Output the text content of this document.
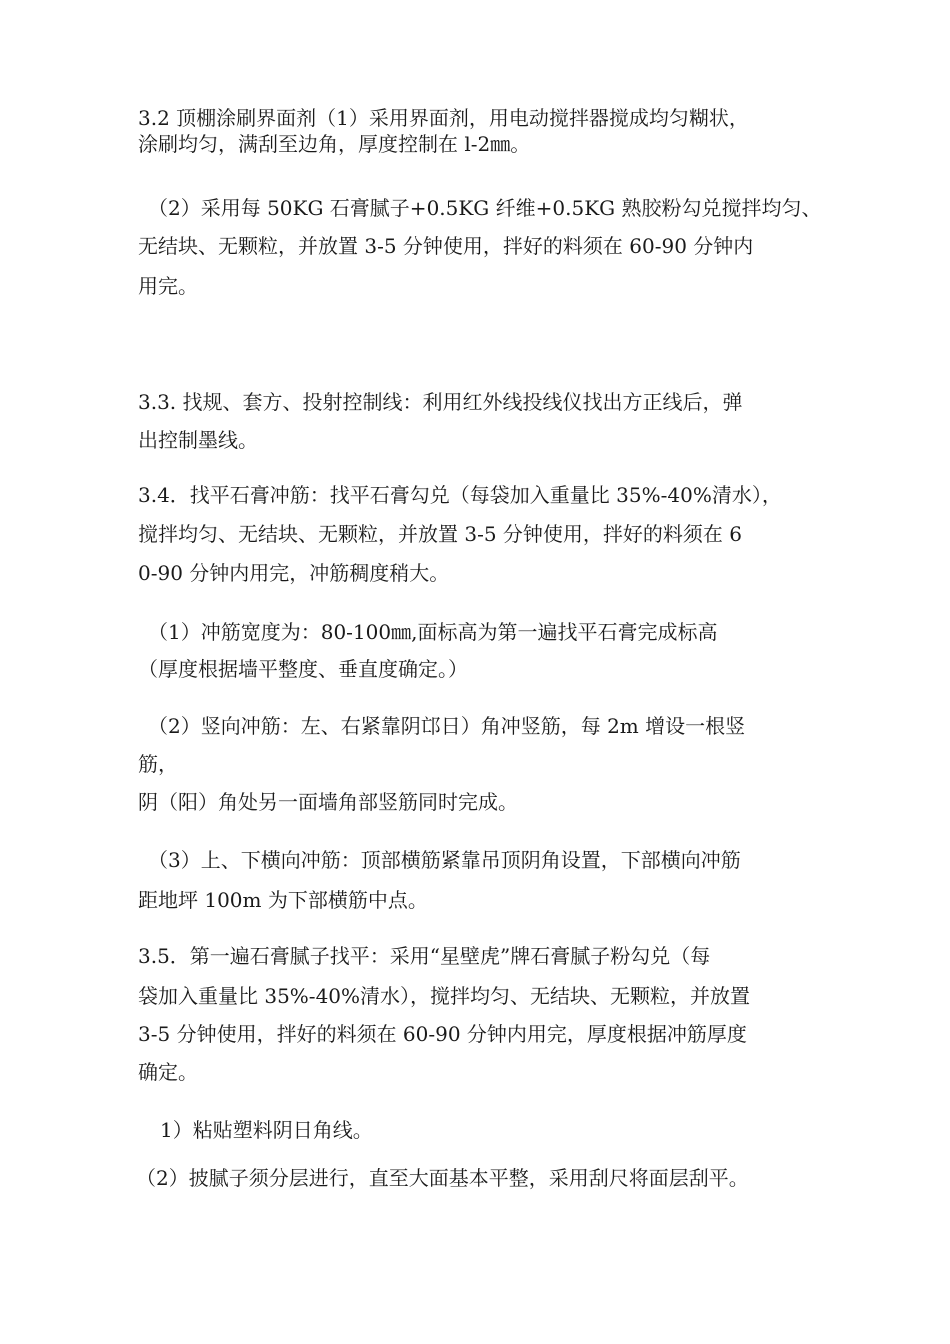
3.2 顶棚涂刷界面剂（1）采用界面剂，用电动搅拌器搅成均匀糊状，
涂刷均匀，满刮至边角，厚度控制在 l-2㎜。
（2）采用每 50KG 石膏腻子+0.5KG 纤维+0.5KG 熟胶粉勾兑搅拌均匀、
无结块、无颗粒，并放置 3-5 分钟使用，拌好的料须在 60-90 分钟内
用完。
3.3. 找规、套方、投射控制线：利用红外线投线仪找出方正线后，弹
出控制墨线。
3.4．找平石膏冲筋：找平石膏勾兑（每袋加入重量比 35%-40%清水），
搅拌均匀、无结块、无颗粒，并放置 3-5 分钟使用，拌好的料须在 6
0-90 分钟内用完，冲筋稠度稍大。
（1）冲筋宽度为：80-100㎜,面标高为第一遍找平石膏完成标高
（厚度根据墙平整度、垂直度确定。）
（2）竖向冲筋：左、右紧靠阴邙日）角冲竖筋，每 2m 增设一根竖
筋，
阴（阳）角处另一面墙角部竖筋同时完成。
（3）上、下横向冲筋：顶部横筋紧靠吊顶阴角设置，下部横向冲筋
距地坪 100m 为下部横筋中点。
3.5．第一遍石膏腻子找平：采用“星壁虎”牌石膏腻子粉勾兑（每
袋加入重量比 35%-40%清水），搅拌均匀、无结块、无颗粒，并放置
3-5 分钟使用，拌好的料须在 60-90 分钟内用完，厚度根据冲筋厚度
确定。
1）粘贴塑料阴日角线。
（2）披腻子须分层进行，直至大面基本平整，采用刮尺将面层刮平。
